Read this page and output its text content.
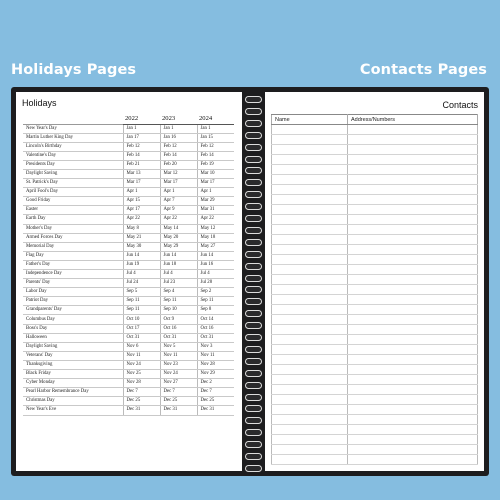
Holidays Pages	Contacts Pages
Holidays
	2022	2023	2024
New Year's Day	Jan 1	Jan 1	Jan 1
Martin Luther King Day	Jan 17	Jan 16	Jan 15
Lincoln's Birthday	Feb 12	Feb 12	Feb 12
Valentine's Day	Feb 14	Feb 14	Feb 14
Presidents Day	Feb 21	Feb 20	Feb 19
Daylight Saving	Mar 13	Mar 12	Mar 10
St. Patrick's Day	Mar 17	Mar 17	Mar 17
April Fool's Day	Apr 1	Apr 1	Apr 1
Good Friday	Apr 15	Apr 7	Mar 29
Easter	Apr 17	Apr 9	Mar 31
Earth Day	Apr 22	Apr 22	Apr 22
Mother's Day	May 8	May 14	May 12
Armed Forces Day	May 21	May 20	May 18
Memorial Day	May 30	May 29	May 27
Flag Day	Jun 14	Jun 14	Jun 14
Father's Day	Jun 19	Jun 18	Jun 16
Independence Day	Jul 4	Jul 4	Jul 4
Parents' Day	Jul 24	Jul 23	Jul 28
Labor Day	Sep 5	Sep 4	Sep 2
Patriot Day	Sep 11	Sep 11	Sep 11
Grandparents' Day	Sep 11	Sep 10	Sep 8
Columbus Day	Oct 10	Oct 9	Oct 14
Boss's Day	Oct 17	Oct 16	Oct 16
Halloween	Oct 31	Oct 31	Oct 31
Daylight Saving	Nov 6	Nov 5	Nov 3
Veterans' Day	Nov 11	Nov 11	Nov 11
Thanksgiving	Nov 24	Nov 23	Nov 28
Black Friday	Nov 25	Nov 24	Nov 29
Cyber Monday	Nov 28	Nov 27	Dec 2
Pearl Harbor Remembrance Day	Dec 7	Dec 7	Dec 7
Christmas Day	Dec 25	Dec 25	Dec 25
New Year's Eve	Dec 31	Dec 31	Dec 31
Contacts
Name	Address/Numbers
